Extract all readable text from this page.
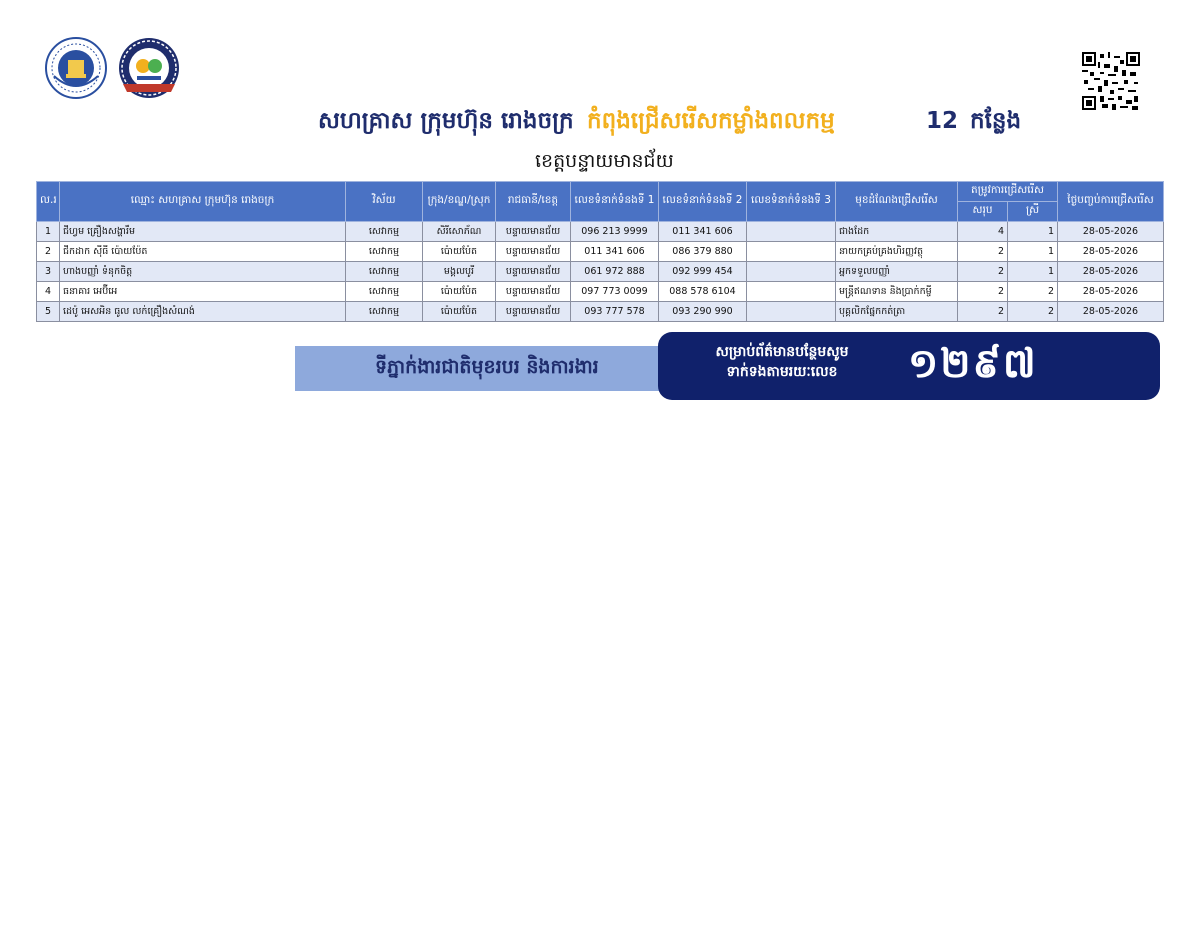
សហគ្រាស ក្រុមហ៊ុន រោងចក្រ កំពុងជ្រើសរើសកម្លាំងពលកម្ម	12 កន្លែង
ខេត្តបន្ទាយមានជ័យ
ល.រ	ឈ្មោះ សហគ្រាស ក្រុមហ៊ុន រោងចក្រ	វិស័យ	ក្រុង/ខណ្ឌ/ស្រុក	រាជធានី/ខេត្ត	លេខទំនាក់ទំនងទី 1	លេខទំនាក់ទំនងទី 2	លេខទំនាក់ទំនងទី 3	មុខដំណែងជ្រើសរើស	តម្រូវការជ្រើសរើស		ថ្ងៃបញ្ចប់ការជ្រើសរើស
									សរុប	ស្រី	
1	ជីហ្វម គ្រឿងសង្ហារឹម	សេវាកម្ម	សិរីសោភ័ណ	បន្ទាយមានជ័យ	096 213 9999	011 341 606		ជាងដែក	4	1	28-05-2026
2	ជីកដាក ស៊ីធី ប៉ោយប៉ែត	សេវាកម្ម	ប៉ោយប៉ែត	បន្ទាយមានជ័យ	011 341 606	086 379 880		នាយកគ្រប់គ្រងហិរញ្ញវត្ថុ	2	1	28-05-2026
3	ហាងបញ្ញាំ ទំនុកចិត្ត	សេវាកម្ម	មង្គលបូរី	បន្ទាយមានជ័យ	061 972 888	092 999 454		អ្នកទទួលបញ្ញាំ	2	1	28-05-2026
4	ធនាគារ អេប៊ីអេ	សេវាកម្ម	ប៉ោយប៉ែត	បន្ទាយមានជ័យ	097 773 0099	088 578 6104		មន្ត្រីឥណទាន និងប្រាក់កម្ចី	2	2	28-05-2026
5	ដេប៉ូ អេសអិន ធូល លក់គ្រឿងសំណង់	សេវាកម្ម	ប៉ោយប៉ែត	បន្ទាយមានជ័យ	093 777 578	093 290 990		បុគ្គលិកផ្នែកកត់ត្រា	2	2	28-05-2026
ទីភ្នាក់ងារជាតិមុខរបរ និងការងារ
សម្រាប់ព័ត៌មានបន្ថែមសូម
ទាក់ទងតាមរយៈលេខ	១២៩៧
